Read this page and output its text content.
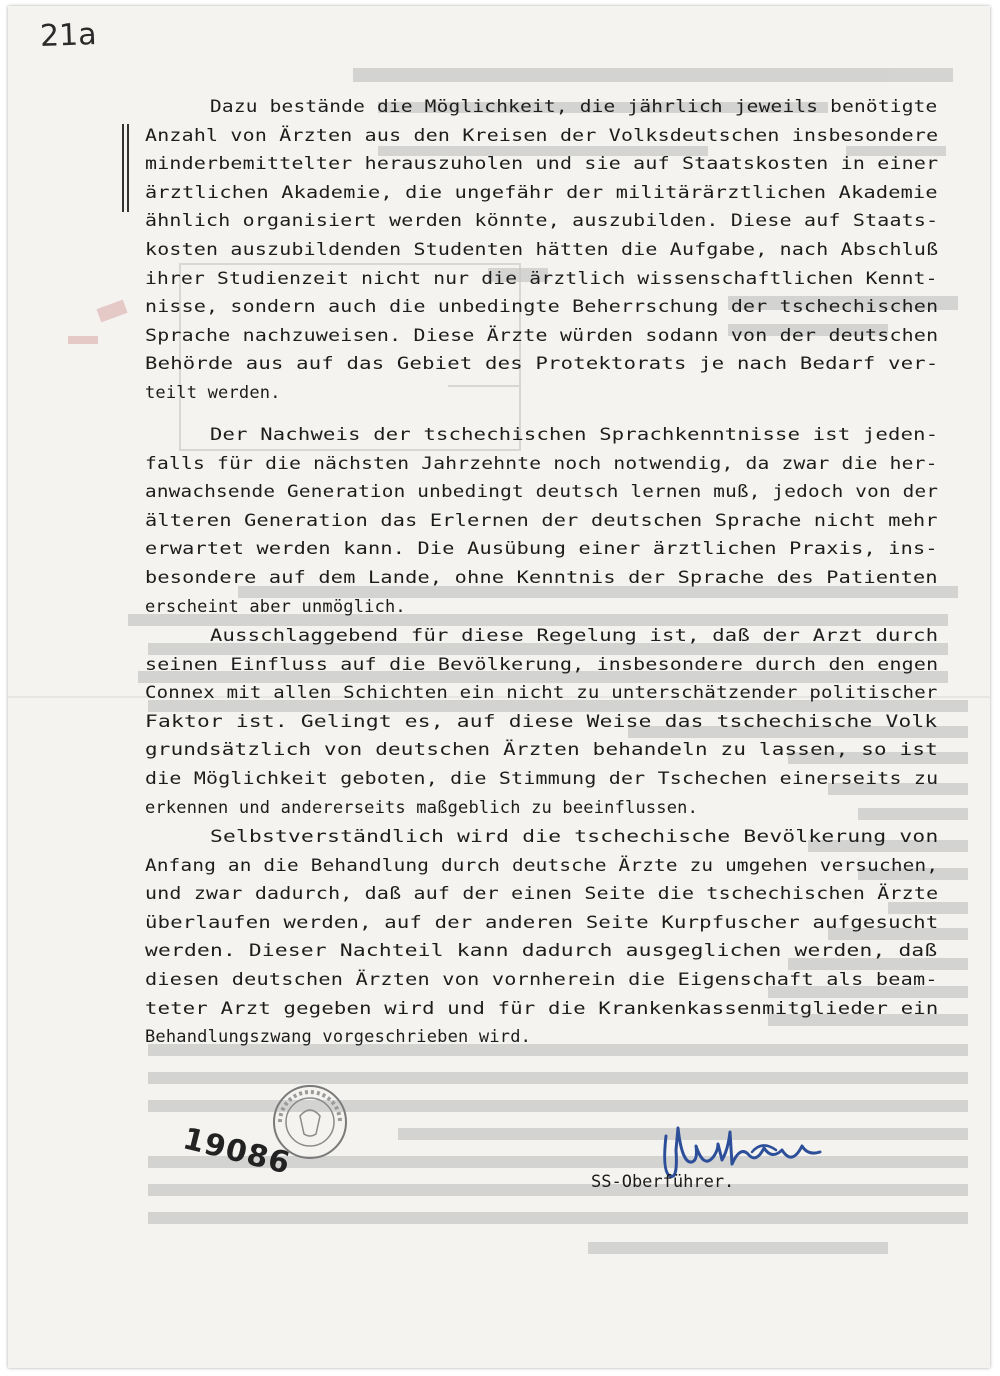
21a
Dazu bestände die Möglichkeit, die jährlich jeweils benötigte
Anzahl von Ärzten aus den Kreisen der Volksdeutschen insbesondere
minderbemittelter herauszuholen und sie auf Staatskosten in einer
ärztlichen Akademie, die ungefähr der militärärztlichen Akademie
ähnlich organisiert werden könnte, auszubilden. Diese auf Staats-
kosten auszubildenden Studenten hätten die Aufgabe, nach Abschluß
ihrer Studienzeit nicht nur die ärztlich wissenschaftlichen Kennt-
nisse, sondern auch die unbedingte Beherrschung der tschechischen
Sprache nachzuweisen. Diese Ärzte würden sodann von der deutschen
Behörde aus auf das Gebiet des Protektorats je nach Bedarf ver-
teilt werden.
Der Nachweis der tschechischen Sprachkenntnisse ist jeden-
falls für die nächsten Jahrzehnte noch notwendig, da zwar die her-
anwachsende Generation unbedingt deutsch lernen muß, jedoch von der
älteren Generation das Erlernen der deutschen Sprache nicht mehr
erwartet werden kann. Die Ausübung einer ärztlichen Praxis, ins-
besondere auf dem Lande, ohne Kenntnis der Sprache des Patienten
erscheint aber unmöglich.
Ausschlaggebend für diese Regelung ist, daß der Arzt durch
seinen Einfluss auf die Bevölkerung, insbesondere durch den engen
Connex mit allen Schichten ein nicht zu unterschätzender politischer
Faktor ist. Gelingt es, auf diese Weise das tschechische Volk
grundsätzlich von deutschen Ärzten behandeln zu lassen, so ist
die Möglichkeit geboten, die Stimmung der Tschechen einerseits zu
erkennen und andererseits maßgeblich zu beeinflussen.
Selbstverständlich wird die tschechische Bevölkerung von
Anfang an die Behandlung durch deutsche Ärzte zu umgehen versuchen,
und zwar dadurch, daß auf der einen Seite die tschechischen Ärzte
überlaufen werden, auf der anderen Seite Kurpfuscher aufgesucht
werden. Dieser Nachteil kann dadurch ausgeglichen werden, daß
diesen deutschen Ärzten von vornherein die Eigenschaft als beam-
teter Arzt gegeben wird und für die Krankenkassenmitglieder ein
Behandlungszwang vorgeschrieben wird.
19086
SS-Oberführer.
